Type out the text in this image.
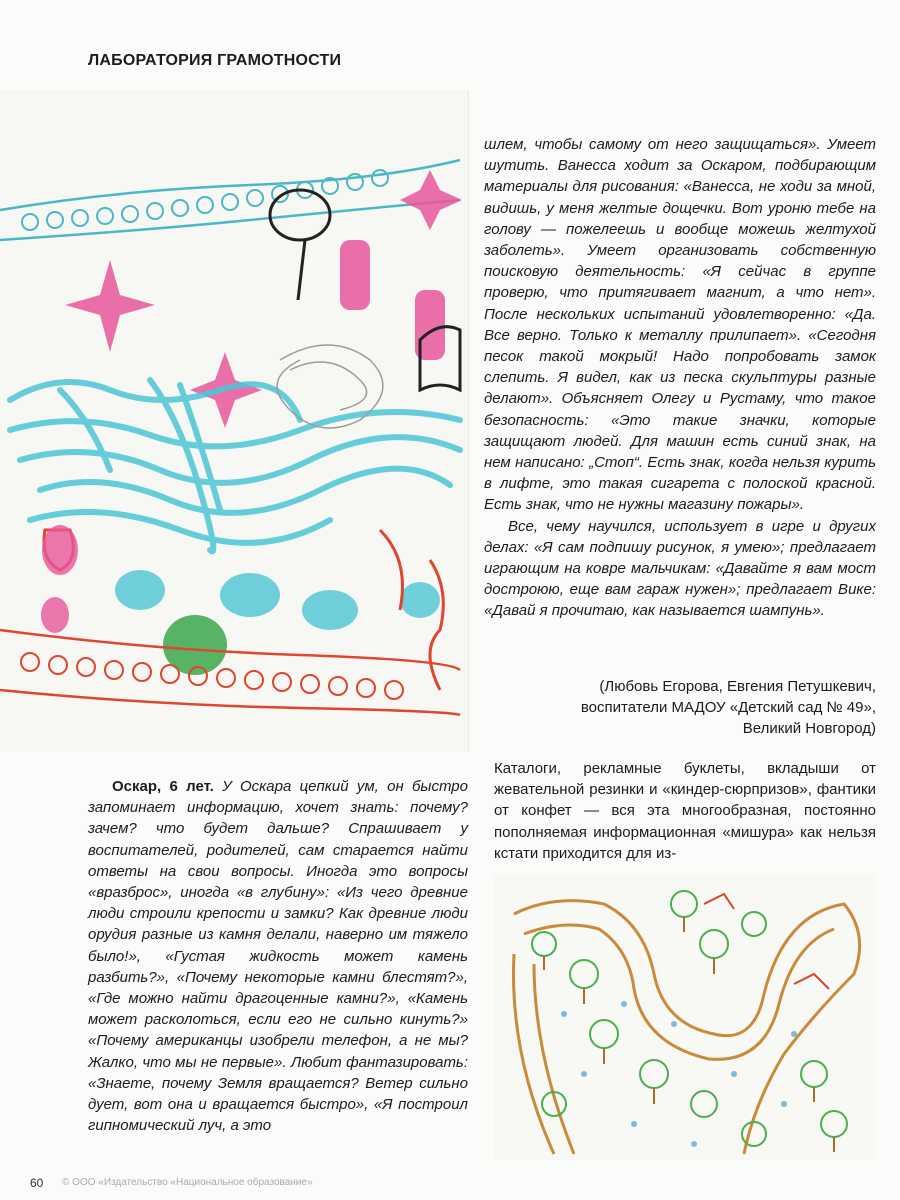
ЛАБОРАТОРИЯ ГРАМОТНОСТИ

шлем, чтобы самому от него защищаться». Умеет шутить. Ванесса ходит за Оскаром, подбирающим материалы для рисования: «Ванесса, не ходи за мной, видишь, у меня желтые дощечки. Вот уроню тебе на голову — пожелеешь и вообще можешь желтухой заболеть». Умеет организовать собственную поисковую деятельность: «Я сейчас в группе проверю, что притягивает магнит, а что нет». После нескольких испытаний удовлетворенно: «Да. Все верно. Только к металлу прилипает». «Сегодня песок такой мокрый! Надо попробовать замок слепить. Я видел, как из песка скульптуры разные делают». Объясняет Олегу и Рустаму, что такое безопасность: «Это такие значки, которые защищают людей. Для машин есть синий знак, на нем написано: „Стоп“. Есть знак, когда нельзя курить в лифте, это такая сигарета с полоской красной. Есть знак, что не нужны магазину пожары».

Все, чему научился, использует в игре и других делах: «Я сам подпишу рисунок, я умею»; предлагает играющим на ковре мальчикам: «Давайте я вам мост достроюю, еще вам гараж нужен»; предлагает Вике: «Давай я прочитаю, как называется шампунь».

(Любовь Егорова, Евгения Петушкевич,
воспитатели МАДОУ «Детский сад № 49»,
Великий Новгород)
Каталоги, рекламные буклеты, вкладыши от жевательной резинки и «киндер-сюрпризов», фантики от конфет — вся эта многообразная, постоянно пополняемая информационная «мишура» как нельзя кстати приходится для из-

Оскар, 6 лет. У Оскара цепкий ум, он быстро запоминает информацию, хочет знать: почему? зачем? что будет дальше? Спрашивает у воспитателей, родителей, сам старается найти ответы на свои вопросы. Иногда это вопросы «вразброс», иногда «в глубину»: «Из чего древние люди строили крепости и замки? Как древние люди орудия разные из камня делали, наверно им тяжело было!», «Густая жидкость может камень разбить?», «Почему некоторые камни блестят?», «Где можно найти драгоценные камни?», «Камень может расколоться, если его не сильно кинуть?» «Почему американцы изобрели телефон, а не мы? Жалко, что мы не первые». Любит фантазировать: «Знаете, почему Земля вращается? Ветер сильно дует, вот она и вращается быстро», «Я построил гипномический луч, а это

60 © ООО «Издательство «Национальное образование»
